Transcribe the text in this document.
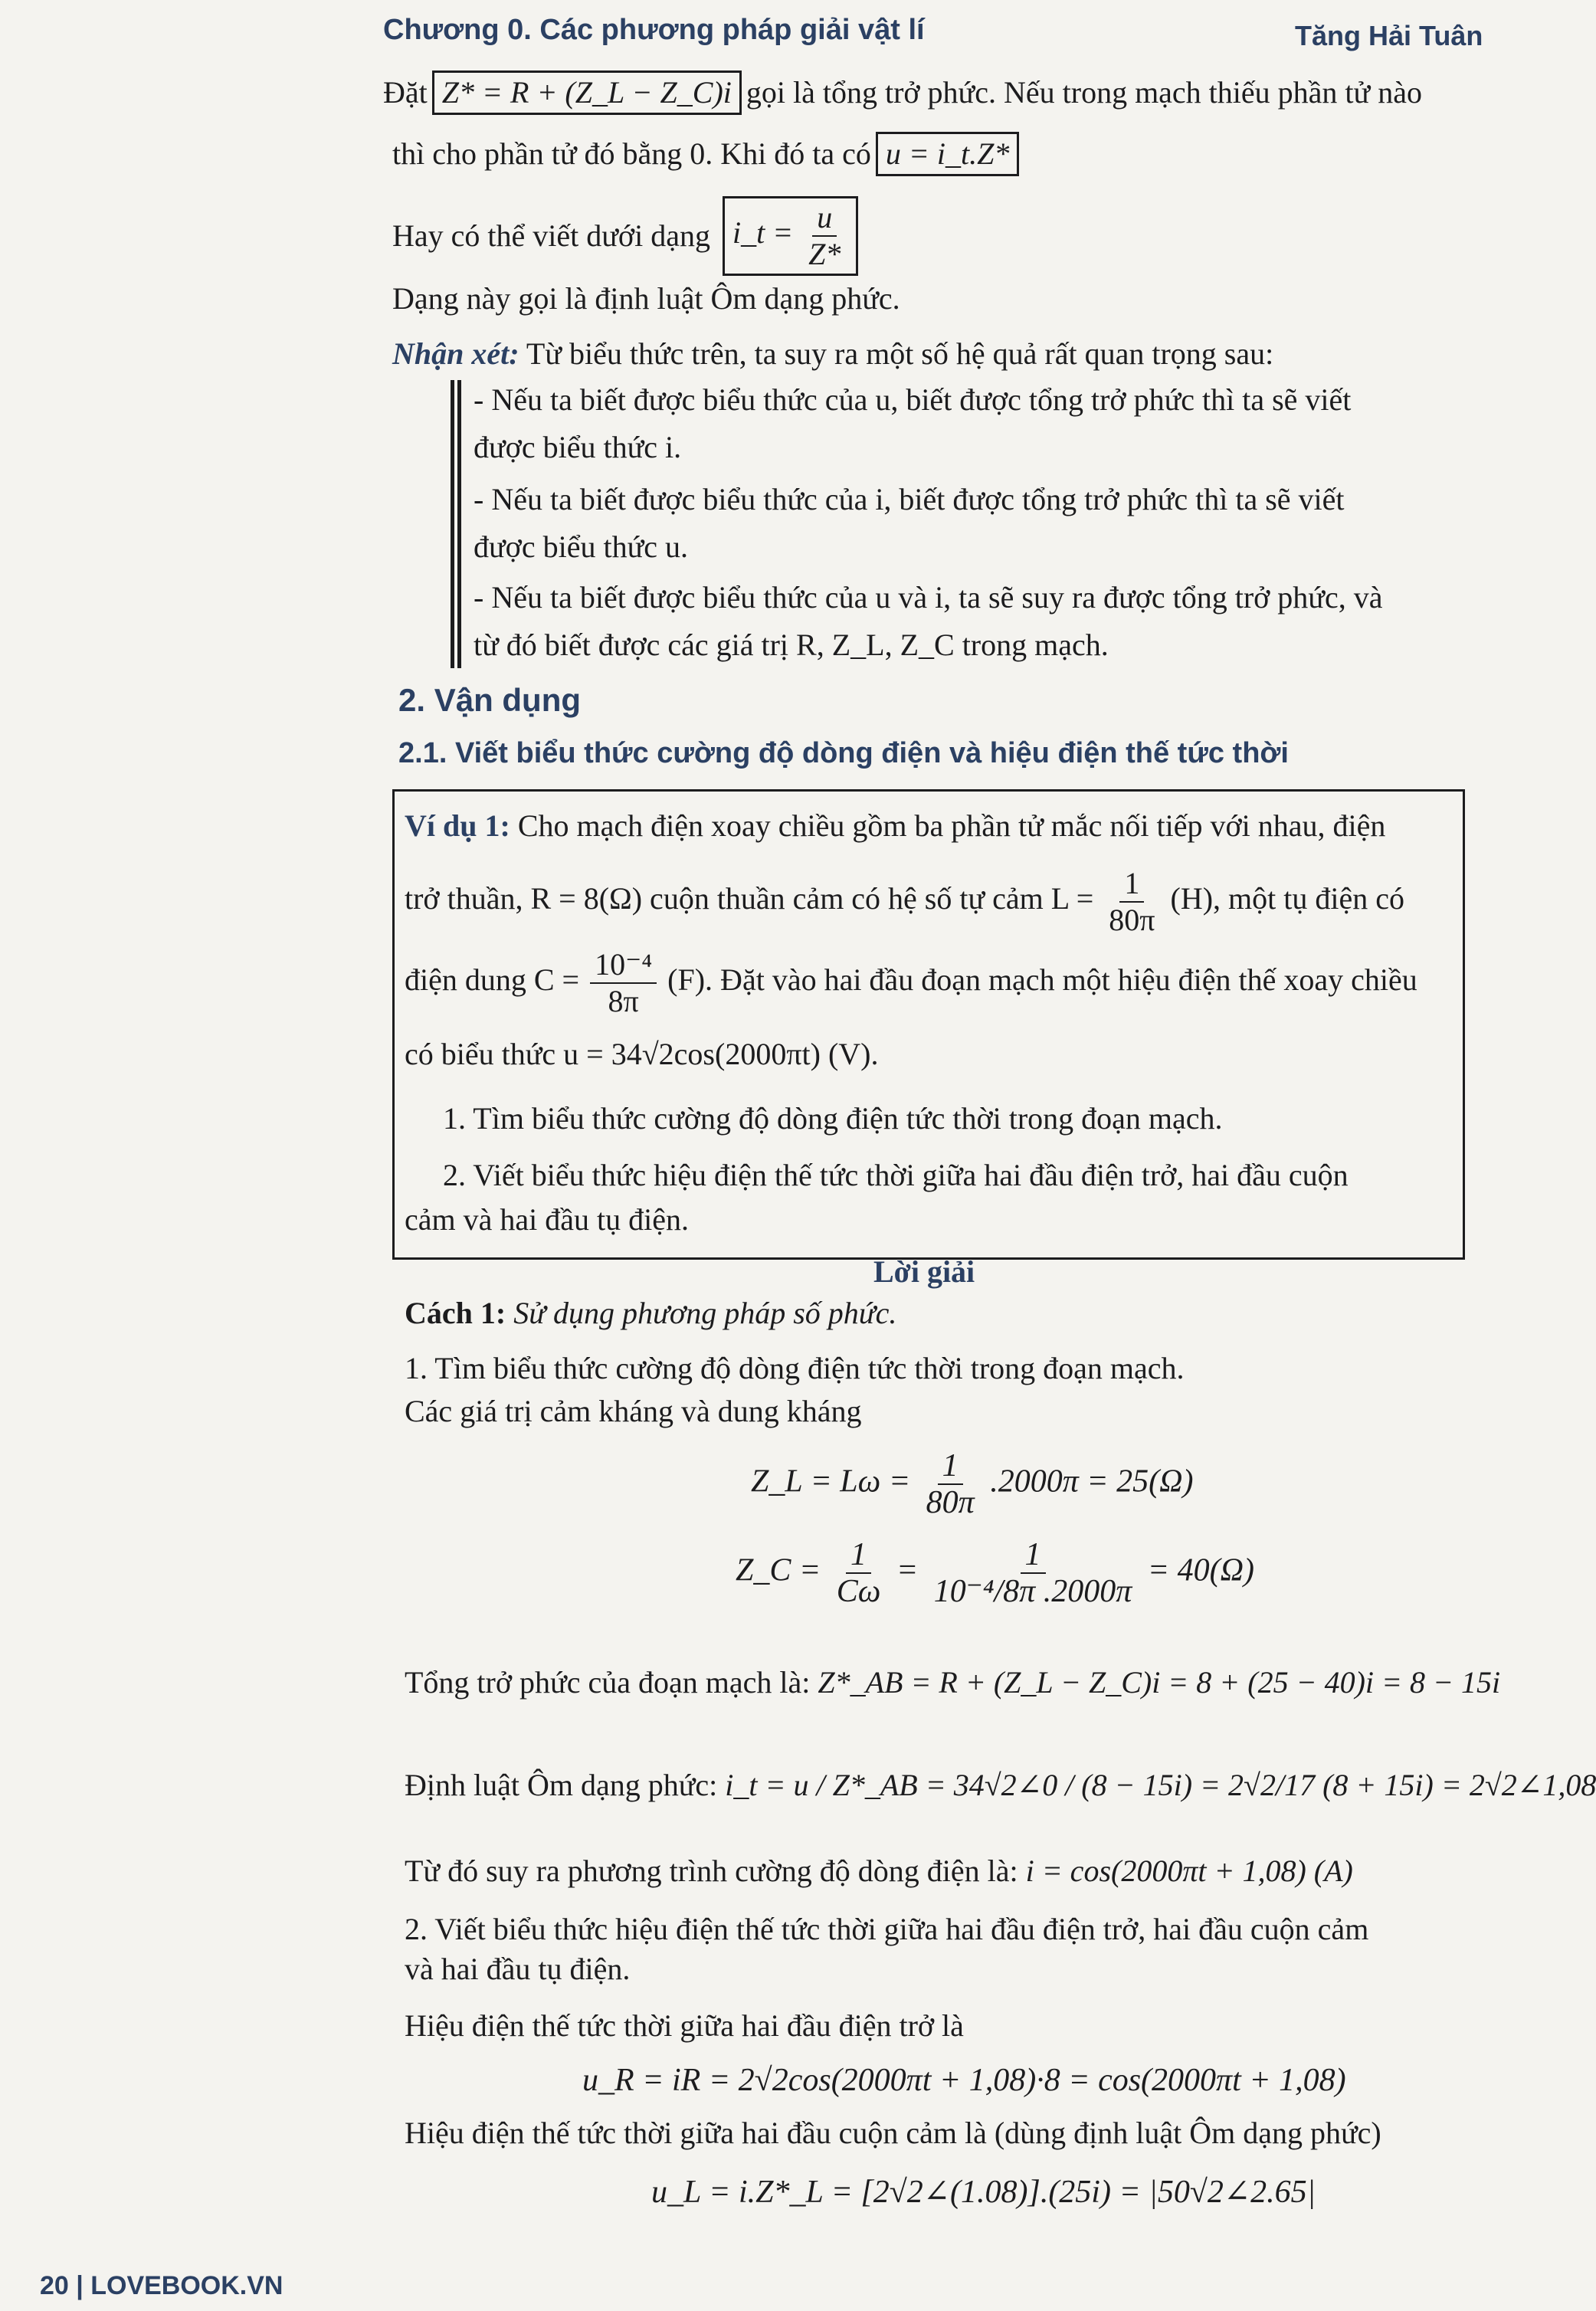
Chương 0. Các phương pháp giải vật lí	Tăng Hải Tuân
Đặt Z* = R + (Z_L − Z_C)i gọi là tổng trở phức. Nếu trong mạch thiếu phần tử nào
thì cho phần tử đó bằng 0. Khi đó ta có u = i_t.Z*
Hay có thể viết dưới dạng i_t = $\frac{u}{Z*}$
Dạng này gọi là định luật Ôm dạng phức.
Nhận xét: Từ biểu thức trên, ta suy ra một số hệ quả rất quan trọng sau:
- Nếu ta biết được biểu thức của u, biết được tổng trở phức thì ta sẽ viết
được biểu thức i.
- Nếu ta biết được biểu thức của i, biết được tổng trở phức thì ta sẽ viết
được biểu thức u.
- Nếu ta biết được biểu thức của u và i, ta sẽ suy ra được tổng trở phức, và
từ đó biết được các giá trị R, Z_L, Z_C trong mạch.
2. Vận dụng
2.1. Viết biểu thức cường độ dòng điện và hiệu điện thế tức thời
Ví dụ 1: Cho mạch điện xoay chiều gồm ba phần tử mắc nối tiếp với nhau, điện
trở thuần, R = 8(Ω) cuộn thuần cảm có hệ số tự cảm $L = \frac{1}{80\pi} (H)$, một tụ điện có
điện dung $C = \frac{\text{10⁻⁴}}{8\pi} (F)$. Đặt vào hai đầu đoạn mạch một hiệu điện thế xoay chiều
có biểu thức u = 34√2cos(2000πt) (V).
1. Tìm biểu thức cường độ dòng điện tức thời trong đoạn mạch.
2. Viết biểu thức hiệu điện thế tức thời giữa hai đầu điện trở, hai đầu cuộn
cảm và hai đầu tụ điện.
Lời giải
Cách 1: Sử dụng phương pháp số phức.
1. Tìm biểu thức cường độ dòng điện tức thời trong đoạn mạch.
Các giá trị cảm kháng và dung kháng
Z_L = $L\omega = \frac{1}{80\pi} .2000\pi = 25(\Omega)$
Z_C = $\frac{1}{C\omega} = \frac{1}{\text{10⁻⁴/8π .2000π}} = 40(\Omega)$
Tổng trở phức của đoạn mạch là: Z*_AB = R + (Z_L − Z_C)i = 8 + (25 − 40)i = 8 − 15i
Định luật Ôm dạng phức: i_t = u / Z*_AB = 34√2∠0 / (8 − 15i) = 2√2/17 (8 + 15i) = 2√2∠1,08
Từ đó suy ra phương trình cường độ dòng điện là: i = cos(2000πt + 1,08) (A)
2. Viết biểu thức hiệu điện thế tức thời giữa hai đầu điện trở, hai đầu cuộn cảm
và hai đầu tụ điện.
Hiệu điện thế tức thời giữa hai đầu điện trở là
u_R = iR = 2√2cos(2000πt + 1,08)·8 = cos(2000πt + 1,08)
Hiệu điện thế tức thời giữa hai đầu cuộn cảm là (dùng định luật Ôm dạng phức)
u_L = i.Z*_L = [2√2∠(1.08)].(25i) = |50√2∠2.65|
20 | LOVEBOOK.VN
